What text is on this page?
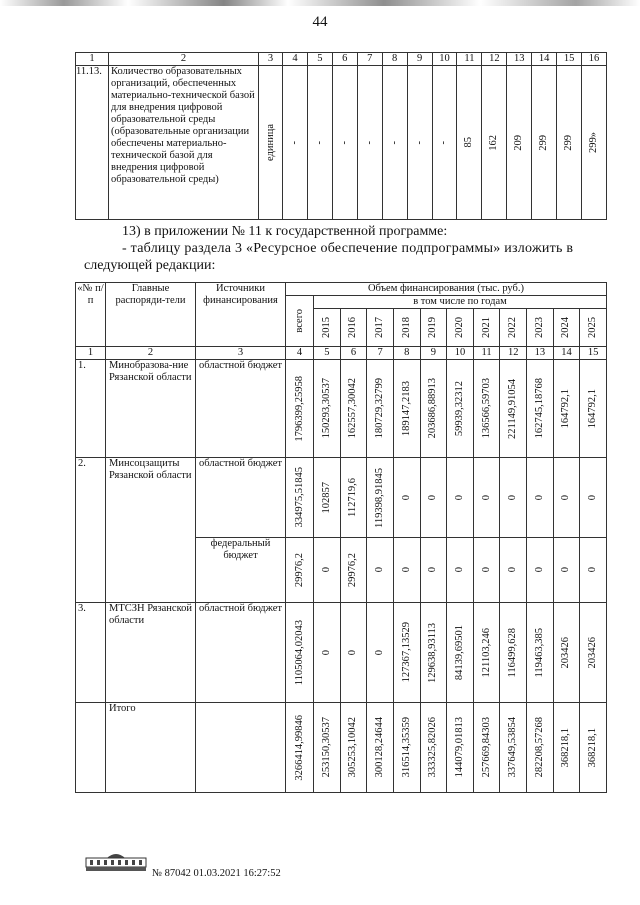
44
1	2	3	4	5	6	7	8	9	10	11	12	13	14	15	16
11.13.	Количество образовательных организаций, обеспеченных материально-технической базой для внедрения цифровой образовательной среды (образовательные организации обеспечены материально-технической базой для внедрения цифровой образовательной среды)	единица	-	-	-	-	-	-	-	85	162	209	299	299	299»
13) в приложении № 11 к государственной программе:
- таблицу раздела 3 «Ресурсное обеспечение подпрограммы» изложить в
следующей редакции:
«№ п/п	Главные распоряди-тели	Источники финансирования	Объем финансирования (тыс. руб.)											

			всего	в том числе по годам										

				2015	2016	2017	2018	2019	2020	2021	2022	2023	2024	2025

1	2	3	4	5	6	7	8	9	10	11	12	13	14	15
1.	Минобразова-ние Рязанской области	областной бюджет	1796399,25958	150293,30537	162557,30042	180729,32799	189147,2183	203686,88913	59939,32312	136566,59703	221149,91054	162745,18768	164792,1	164792,1

2.	Минсоцзащиты Рязанской области	областной бюджет	334975,51845	102857	112719,6	119398,91845	0	0	0	0	0	0	0	0

		федеральный бюджет	29976,2	0	29976,2	0	0	0	0	0	0	0	0	0

3.	МТСЗН Рязанской области	областной бюджет	1105064,02043	0	0	0	127367,13529	129638,93113	84139,69501	121103,246	116499,628	119463,385	203426	203426

	Итого		3266414,99846	253150,30537	305253,10042	300128,24644	316514,35359	333325,82026	144079,01813	257669,84303	337649,53854	282208,57268	368218,1	368218,1
№ 87042 01.03.2021 16:27:52
